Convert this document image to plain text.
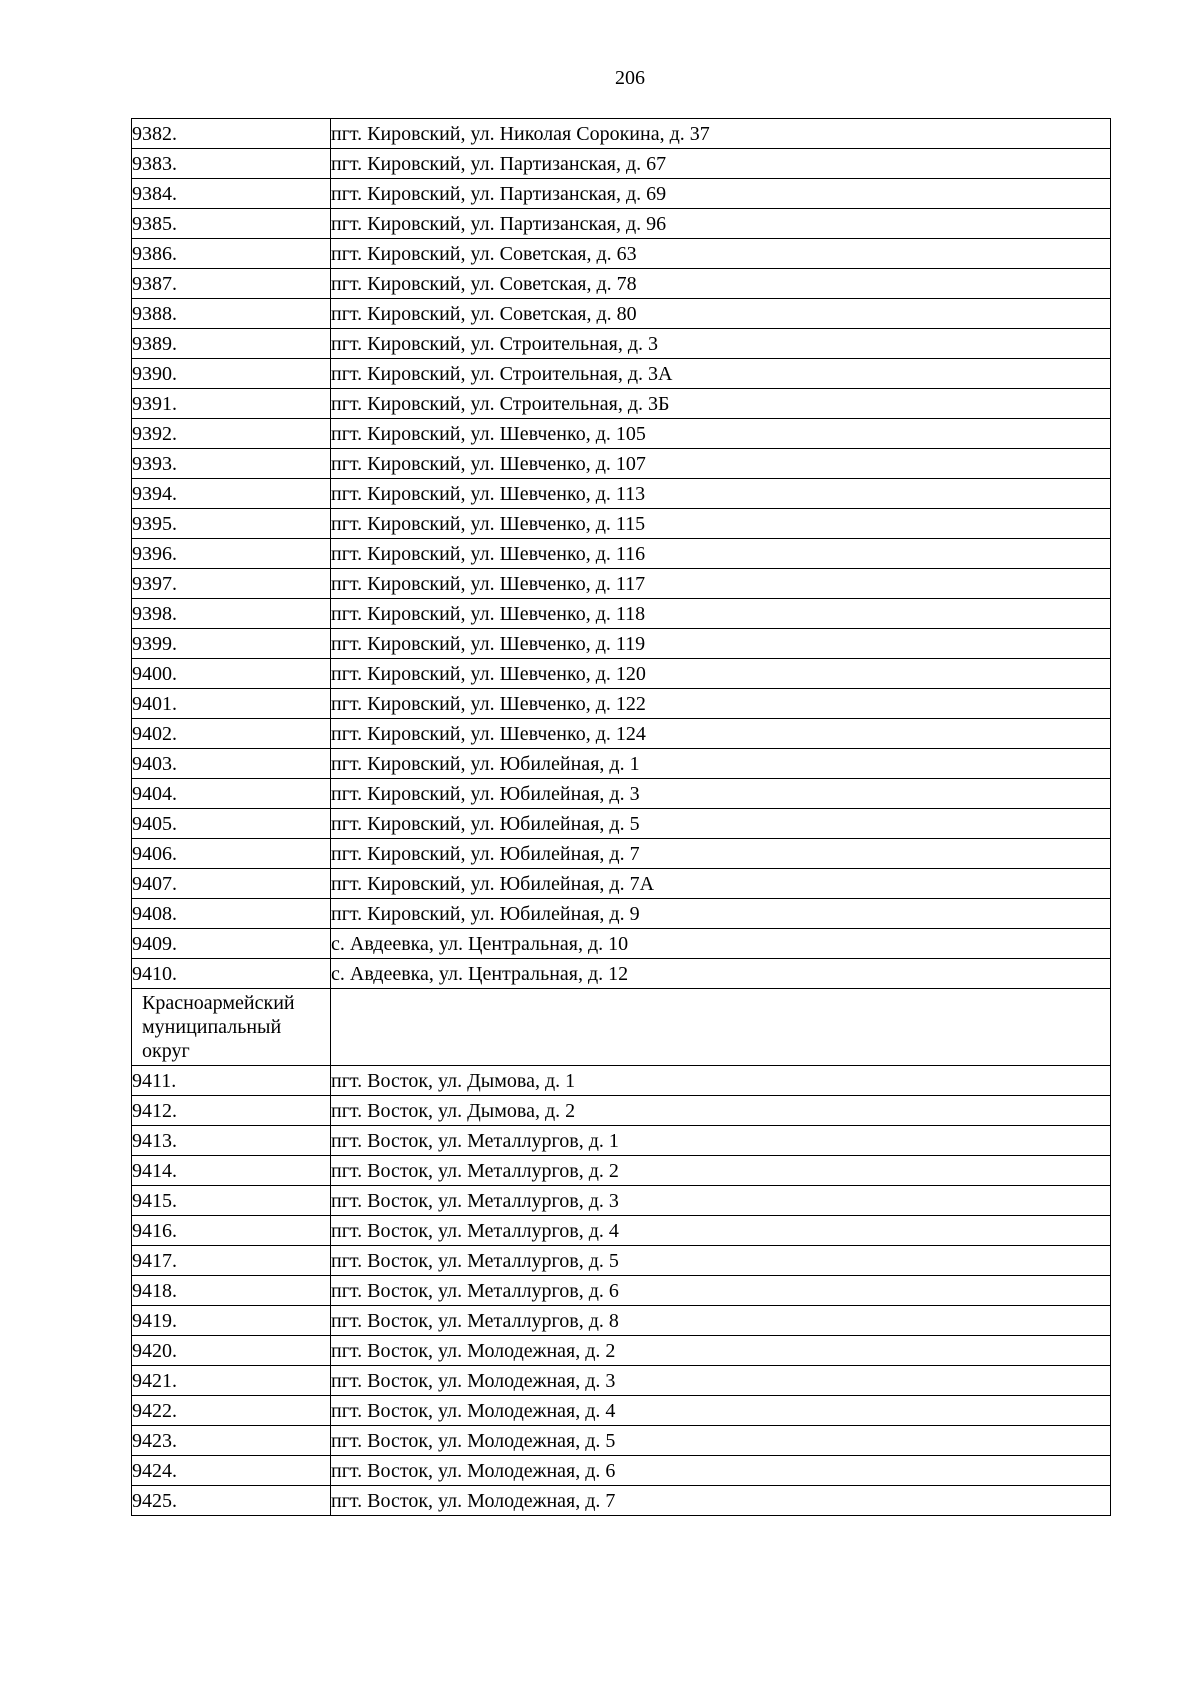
206
9382.	пгт. Кировский, ул. Николая Сорокина, д. 37
9383.	пгт. Кировский, ул. Партизанская, д. 67
9384.	пгт. Кировский, ул. Партизанская, д. 69
9385.	пгт. Кировский, ул. Партизанская, д. 96
9386.	пгт. Кировский, ул. Советская, д. 63
9387.	пгт. Кировский, ул. Советская, д. 78
9388.	пгт. Кировский, ул. Советская, д. 80
9389.	пгт. Кировский, ул. Строительная, д. 3
9390.	пгт. Кировский, ул. Строительная, д. 3А
9391.	пгт. Кировский, ул. Строительная, д. 3Б
9392.	пгт. Кировский, ул. Шевченко, д. 105
9393.	пгт. Кировский, ул. Шевченко, д. 107
9394.	пгт. Кировский, ул. Шевченко, д. 113
9395.	пгт. Кировский, ул. Шевченко, д. 115
9396.	пгт. Кировский, ул. Шевченко, д. 116
9397.	пгт. Кировский, ул. Шевченко, д. 117
9398.	пгт. Кировский, ул. Шевченко, д. 118
9399.	пгт. Кировский, ул. Шевченко, д. 119
9400.	пгт. Кировский, ул. Шевченко, д. 120
9401.	пгт. Кировский, ул. Шевченко, д. 122
9402.	пгт. Кировский, ул. Шевченко, д. 124
9403.	пгт. Кировский, ул. Юбилейная, д. 1
9404.	пгт. Кировский, ул. Юбилейная, д. 3
9405.	пгт. Кировский, ул. Юбилейная, д. 5
9406.	пгт. Кировский, ул. Юбилейная, д. 7
9407.	пгт. Кировский, ул. Юбилейная, д. 7А
9408.	пгт. Кировский, ул. Юбилейная, д. 9
9409.	с. Авдеевка, ул. Центральная, д. 10
9410.	с. Авдеевка, ул. Центральная, д. 12
Красноармейский муниципальный округ	
9411.	пгт. Восток, ул. Дымова, д. 1
9412.	пгт. Восток, ул. Дымова, д. 2
9413.	пгт. Восток, ул. Металлургов, д. 1
9414.	пгт. Восток, ул. Металлургов, д. 2
9415.	пгт. Восток, ул. Металлургов, д. 3
9416.	пгт. Восток, ул. Металлургов, д. 4
9417.	пгт. Восток, ул. Металлургов, д. 5
9418.	пгт. Восток, ул. Металлургов, д. 6
9419.	пгт. Восток, ул. Металлургов, д. 8
9420.	пгт. Восток, ул. Молодежная, д. 2
9421.	пгт. Восток, ул. Молодежная, д. 3
9422.	пгт. Восток, ул. Молодежная, д. 4
9423.	пгт. Восток, ул. Молодежная, д. 5
9424.	пгт. Восток, ул. Молодежная, д. 6
9425.	пгт. Восток, ул. Молодежная, д. 7
